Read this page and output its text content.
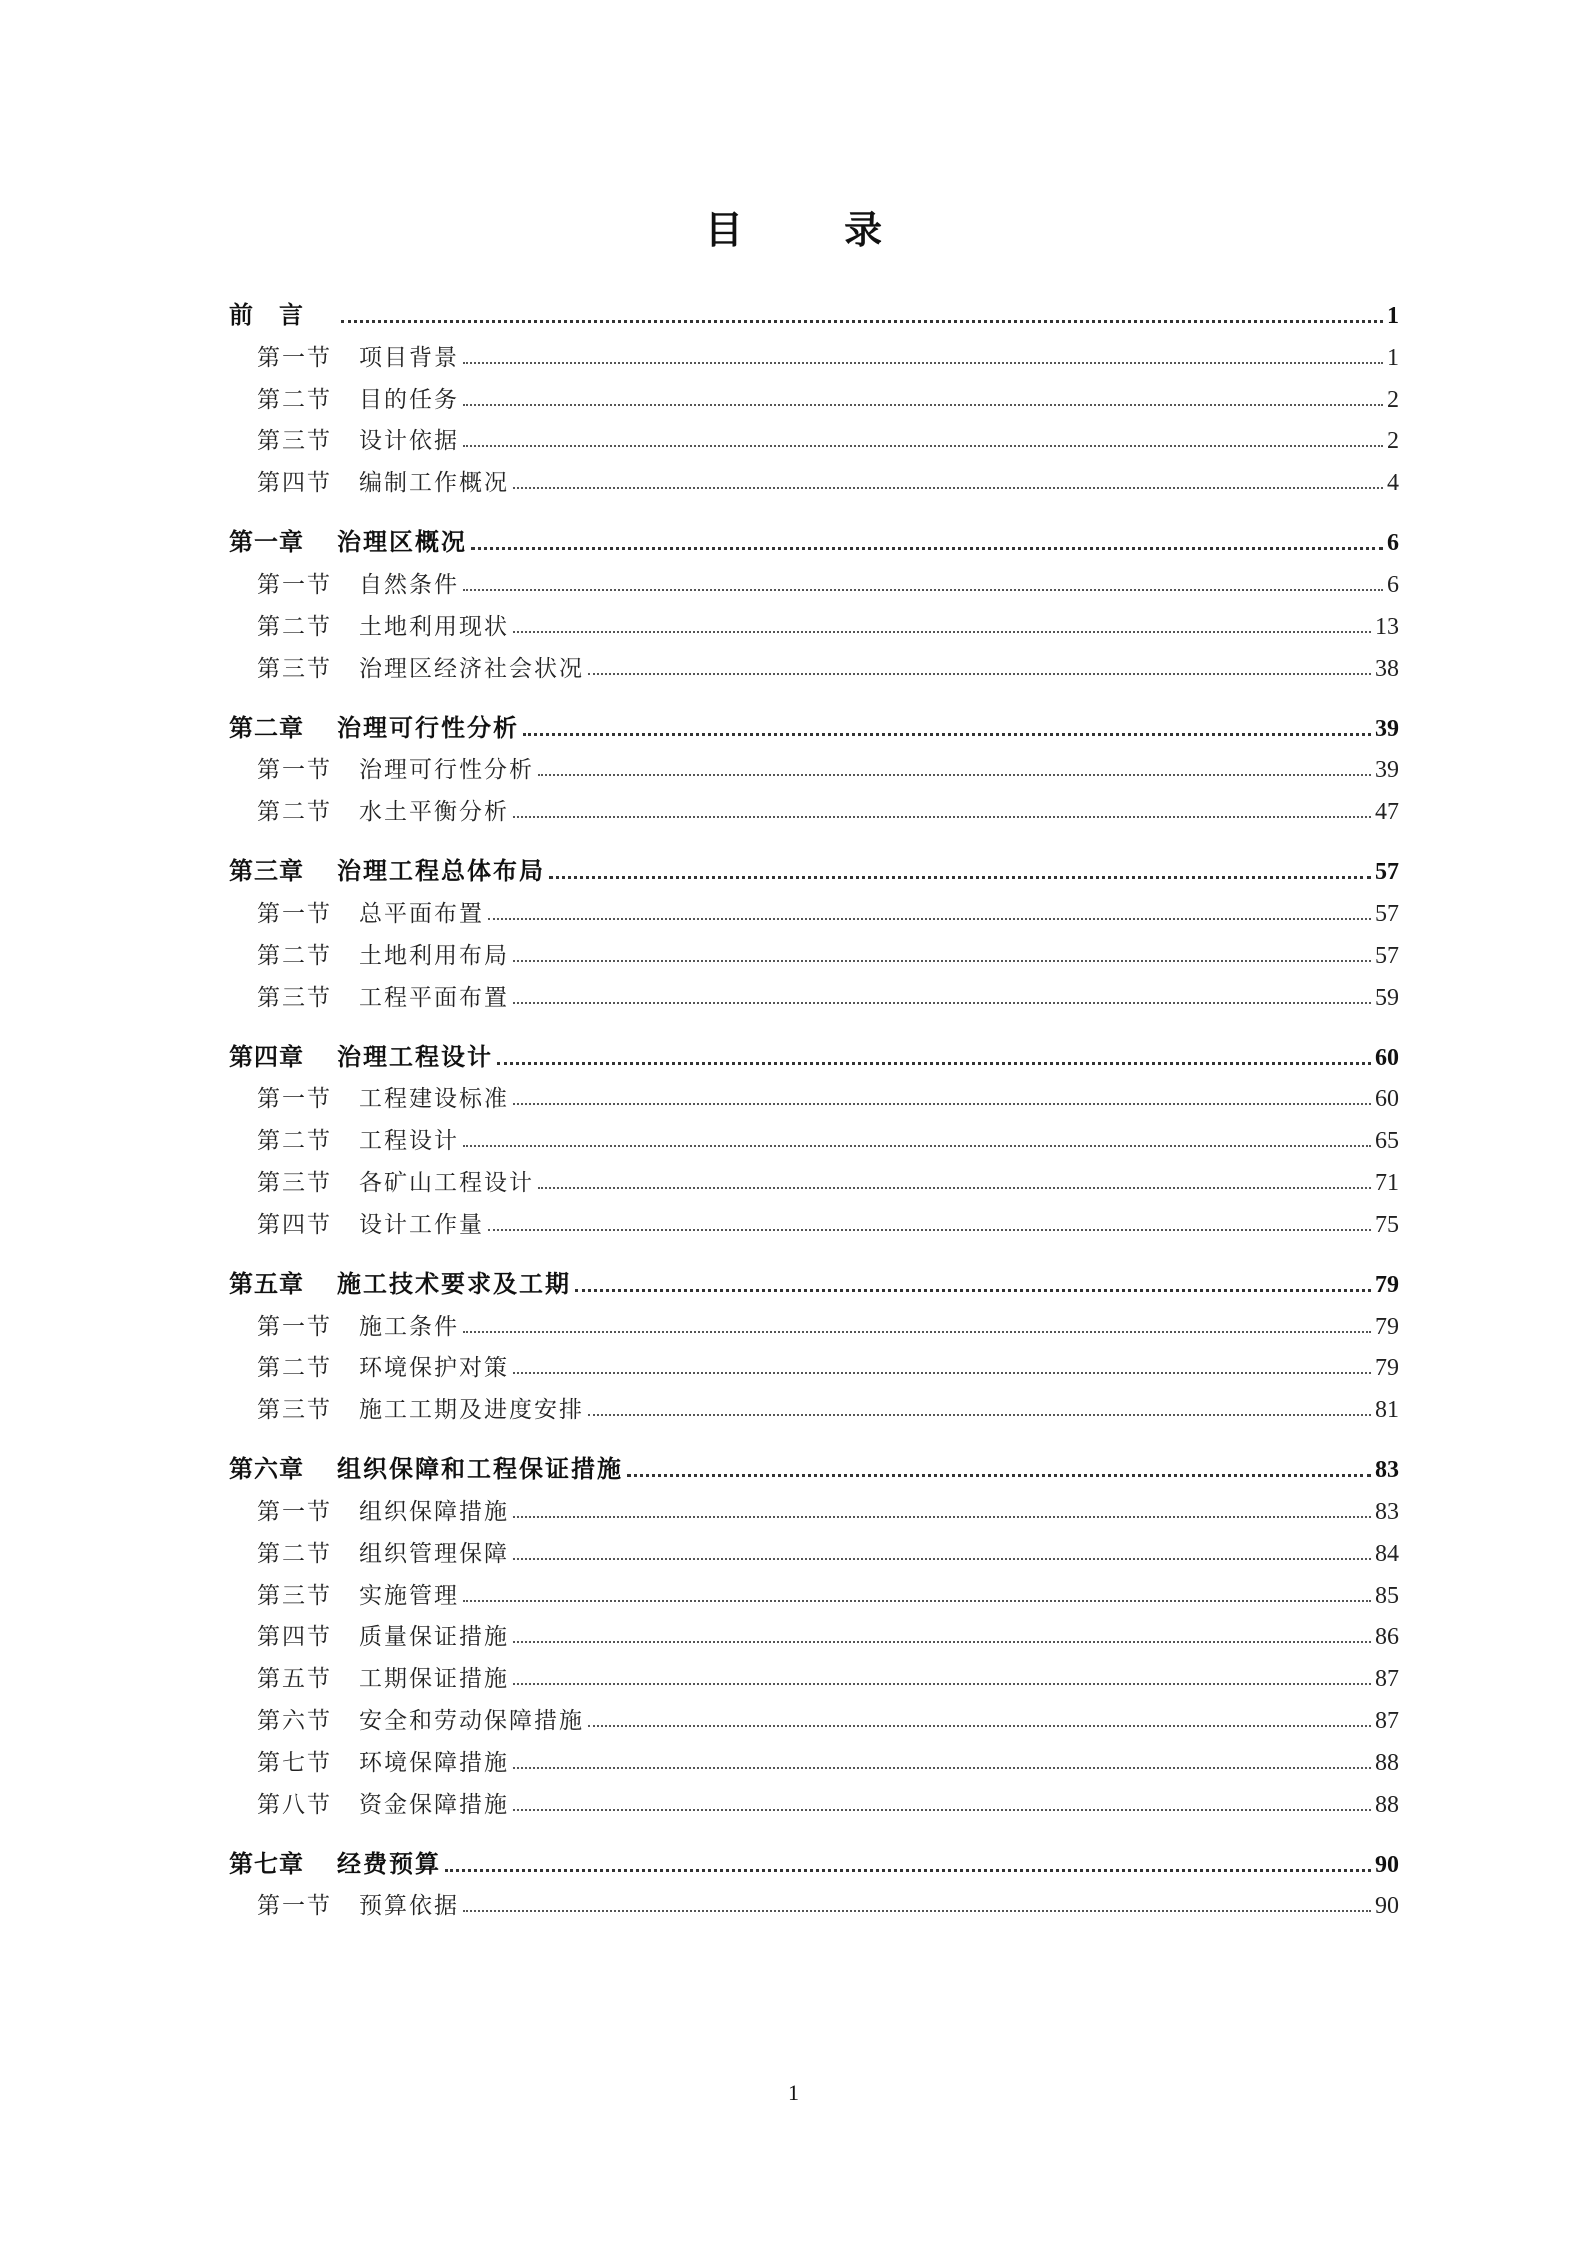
目 录
前　言	1
第一节	项目背景	1
第二节	目的任务	2
第三节	设计依据	2
第四节	编制工作概况	4
第一章	治理区概况	6
第一节	自然条件	6
第二节	土地利用现状	13
第三节	治理区经济社会状况	38
第二章	治理可行性分析	39
第一节	治理可行性分析	39
第二节	水土平衡分析	47
第三章	治理工程总体布局	57
第一节	总平面布置	57
第二节	土地利用布局	57
第三节	工程平面布置	59
第四章	治理工程设计	60
第一节	工程建设标准	60
第二节	工程设计	65
第三节	各矿山工程设计	71
第四节	设计工作量	75
第五章	施工技术要求及工期	79
第一节	施工条件	79
第二节	环境保护对策	79
第三节	施工工期及进度安排	81
第六章	组织保障和工程保证措施	83
第一节	组织保障措施	83
第二节	组织管理保障	84
第三节	实施管理	85
第四节	质量保证措施	86
第五节	工期保证措施	87
第六节	安全和劳动保障措施	87
第七节	环境保障措施	88
第八节	资金保障措施	88
第七章	经费预算	90
第一节	预算依据	90
1
